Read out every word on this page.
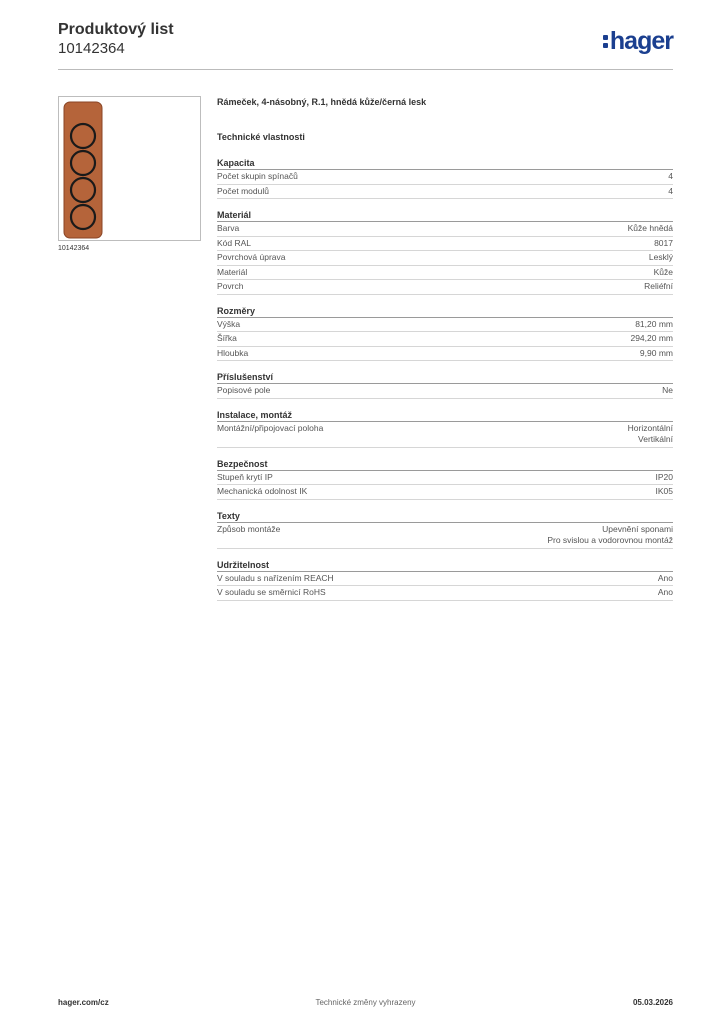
Produktový list
10142364	hager
10142364
Rámeček, 4-násobný, R.1, hnědá kůže/černá lesk
Technické vlastnosti
Kapacita
Počet skupin spínačů	4
Počet modulů	4
Materiál
Barva	Kůže hnědá
Kód RAL	8017
Povrchová úprava	Lesklý
Materiál	Kůže
Povrch	Reliéfní
Rozměry
Výška	81,20 mm
Šířka	294,20 mm
Hloubka	9,90 mm
Příslušenství
Popisové pole	Ne
Instalace, montáž
Montážní/připojovací poloha	Horizontální
Vertikální
Bezpečnost
Stupeň krytí IP	IP20
Mechanická odolnost IK	IK05
Texty
Způsob montáže	Upevnění sponami
Pro svislou a vodorovnou montáž
Udržitelnost
V souladu s nařízením REACH	Ano
V souladu se směrnicí RoHS	Ano
hager.com/cz	Technické změny vyhrazeny	05.03.2026
